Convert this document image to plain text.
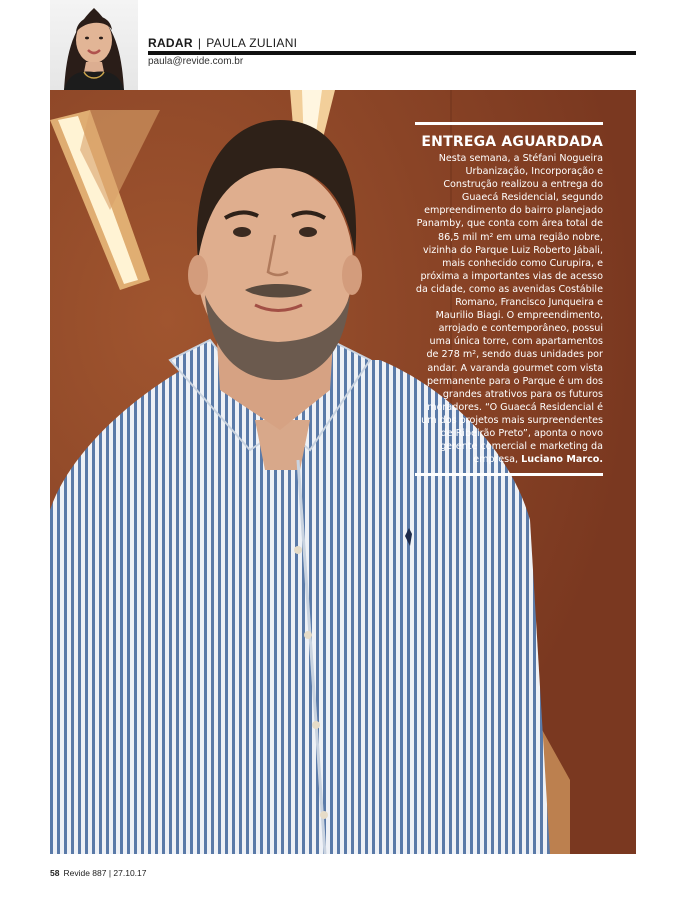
RADAR | PAULA ZULIANI
paula@revide.com.br
ENTREGA AGUARDADA
Nesta semana, a Stéfani Nogueira Urbanização, Incorporação e Construção realizou a entrega do Guaecá Residencial, segundo empreendimento do bairro planejado Panamby, que conta com área total de 86,5 mil m² em uma região nobre, vizinha do Parque Luiz Roberto Jábali, mais conhecido como Curupira, e próxima a importantes vias de acesso da cidade, como as avenidas Costábile Romano, Francisco Junqueira e Maurilio Biagi. O empreendimento, arrojado e contemporâneo, possui uma única torre, com apartamentos de 278 m², sendo duas unidades por andar. A varanda gourmet com vista permanente para o Parque é um dos grandes atrativos para os futuros moradores. “O Guaecá Residencial é um dos projetos mais surpreendentes de Ribeirão Preto”, aponta o novo gerente comercial e marketing da empresa, Luciano Marco.
58 Revide 887 | 27.10.17
